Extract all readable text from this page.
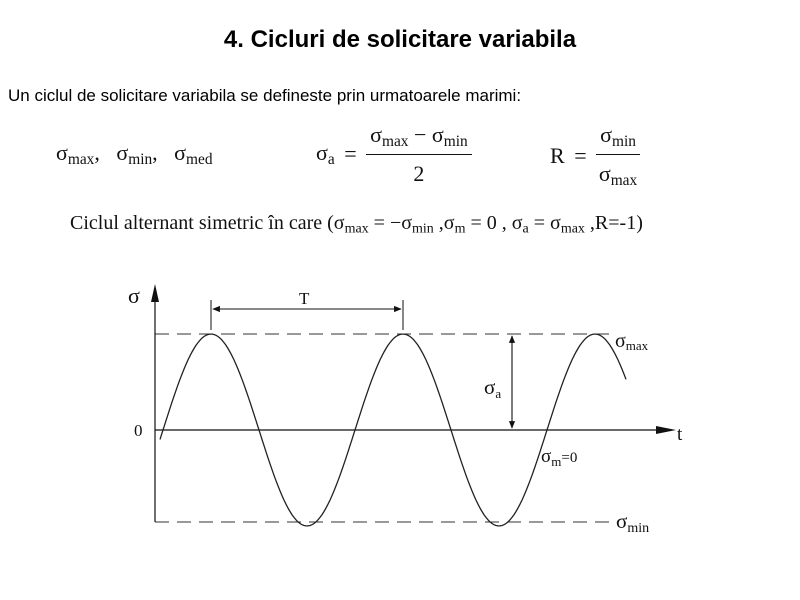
4. Cicluri de solicitare variabila
Un ciclul de solicitare variabila se defineste prin urmatoarele marimi:
$\sigma_{max}$, $\sigma_{min}$, $\sigma_{med}$	$\sigma_a = \frac{\sigma_{max} - \sigma_{min}}{2}$	$R = \frac{\sigma_{min}}{\sigma_{max}}$
Ciclul alternant simetric în care ($\sigma_{max} = -\sigma_{min}$ $,\sigma_m = 0$ , $\sigma_a = \sigma_{max}$ ,R=-1)
σ
t
0
T
σmax
σmin
σa
$\sigma_m^{=0}$
